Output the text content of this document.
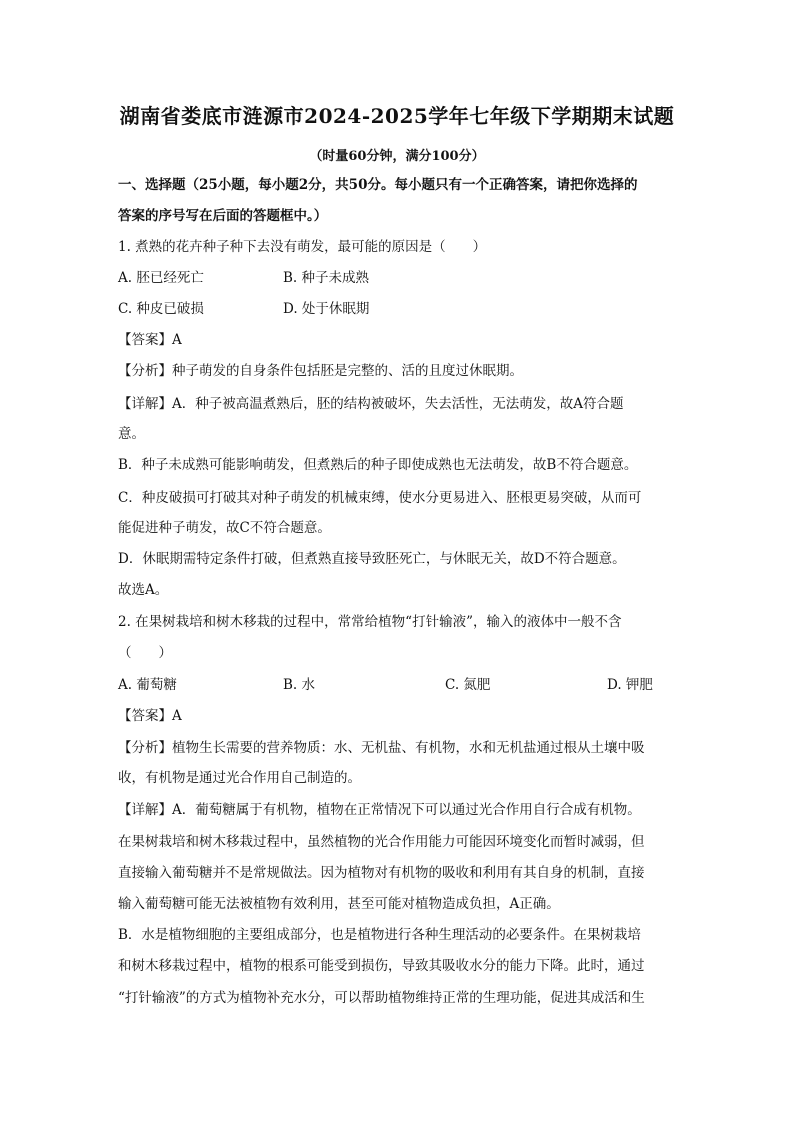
湖南省娄底市涟源市2024-2025学年七年级下学期期末试题
（时量60分钟，满分100分）
一、选择题（25小题，每小题2分，共50分。每小题只有一个正确答案，请把你选择的
答案的序号写在后面的答题框中。）
1. 煮熟的花卉种子种下去没有萌发，最可能的原因是（　　）
A. 胚已经死亡	B. 种子未成熟
C. 种皮已破损	D. 处于休眠期
【答案】A
【分析】种子萌发的自身条件包括胚是完整的、活的且度过休眠期。
【详解】A．种子被高温煮熟后，胚的结构被破坏，失去活性，无法萌发，故A符合题
意。
B．种子未成熟可能影响萌发，但煮熟后的种子即使成熟也无法萌发，故B不符合题意。
C．种皮破损可打破其对种子萌发的机械束缚，使水分更易进入、胚根更易突破，从而可
能促进种子萌发，故C不符合题意。
D．休眠期需特定条件打破，但煮熟直接导致胚死亡，与休眠无关，故D不符合题意。
故选A。
2. 在果树栽培和树木移栽的过程中，常常给植物“打针输液”，输入的液体中一般不含
（　　）
A. 葡萄糖	B. 水	C. 氮肥	D. 钾肥
【答案】A
【分析】植物生长需要的营养物质：水、无机盐、有机物，水和无机盐通过根从土壤中吸
收，有机物是通过光合作用自己制造的。
【详解】A．葡萄糖属于有机物，植物在正常情况下可以通过光合作用自行合成有机物。
在果树栽培和树木移栽过程中，虽然植物的光合作用能力可能因环境变化而暂时减弱，但
直接输入葡萄糖并不是常规做法。因为植物对有机物的吸收和利用有其自身的机制，直接
输入葡萄糖可能无法被植物有效利用，甚至可能对植物造成负担，A正确。
B．水是植物细胞的主要组成部分，也是植物进行各种生理活动的必要条件。在果树栽培
和树木移栽过程中，植物的根系可能受到损伤，导致其吸收水分的能力下降。此时，通过
“打针输液”的方式为植物补充水分，可以帮助植物维持正常的生理功能，促进其成活和生
